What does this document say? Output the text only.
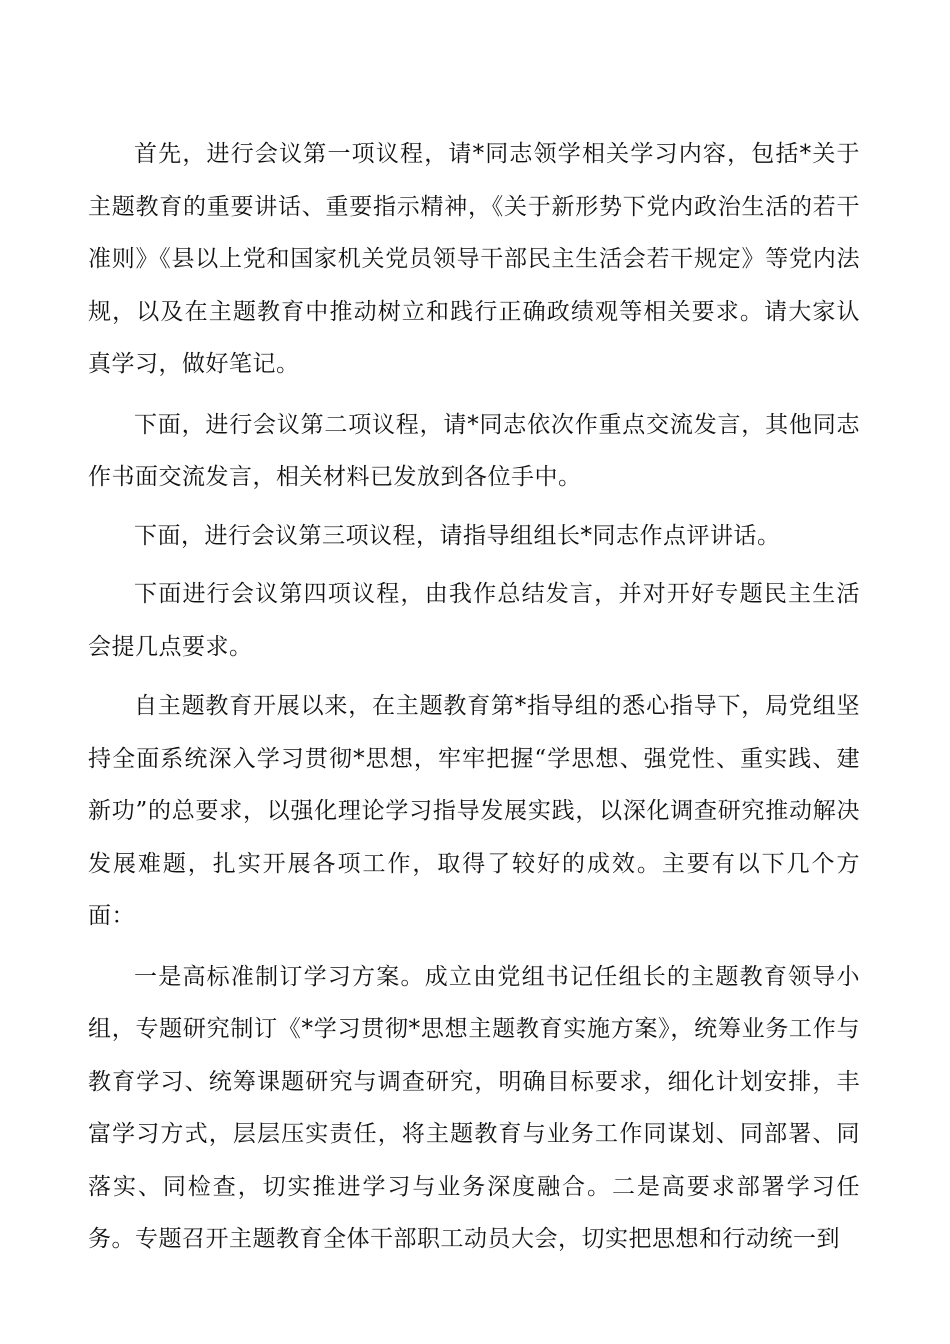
首先，进行会议第一项议程，请*同志领学相关学习内容，包括*关于主题教育的重要讲话、重要指示精神，《关于新形势下党内政治生活的若干准则》《县以上党和国家机关党员领导干部民主生活会若干规定》等党内法规，以及在主题教育中推动树立和践行正确政绩观等相关要求。请大家认真学习，做好笔记。

下面，进行会议第二项议程，请*同志依次作重点交流发言，其他同志作书面交流发言，相关材料已发放到各位手中。

下面，进行会议第三项议程，请指导组组长*同志作点评讲话。

下面进行会议第四项议程，由我作总结发言，并对开好专题民主生活会提几点要求。

自主题教育开展以来，在主题教育第*指导组的悉心指导下，局党组坚持全面系统深入学习贯彻*思想，牢牢把握“学思想、强党性、重实践、建新功”的总要求，以强化理论学习指导发展实践，以深化调查研究推动解决发展难题，扎实开展各项工作，取得了较好的成效。主要有以下几个方面：

一是高标准制订学习方案。成立由党组书记任组长的主题教育领导小组，专题研究制订《*学习贯彻*思想主题教育实施方案》，统筹业务工作与教育学习、统筹课题研究与调查研究，明确目标要求，细化计划安排，丰富学习方式，层层压实责任，将主题教育与业务工作同谋划、同部署、同落实、同检查，切实推进学习与业务深度融合。二是高要求部署学习任务。专题召开主题教育全体干部职工动员大会，切实把思想和行动统一到
